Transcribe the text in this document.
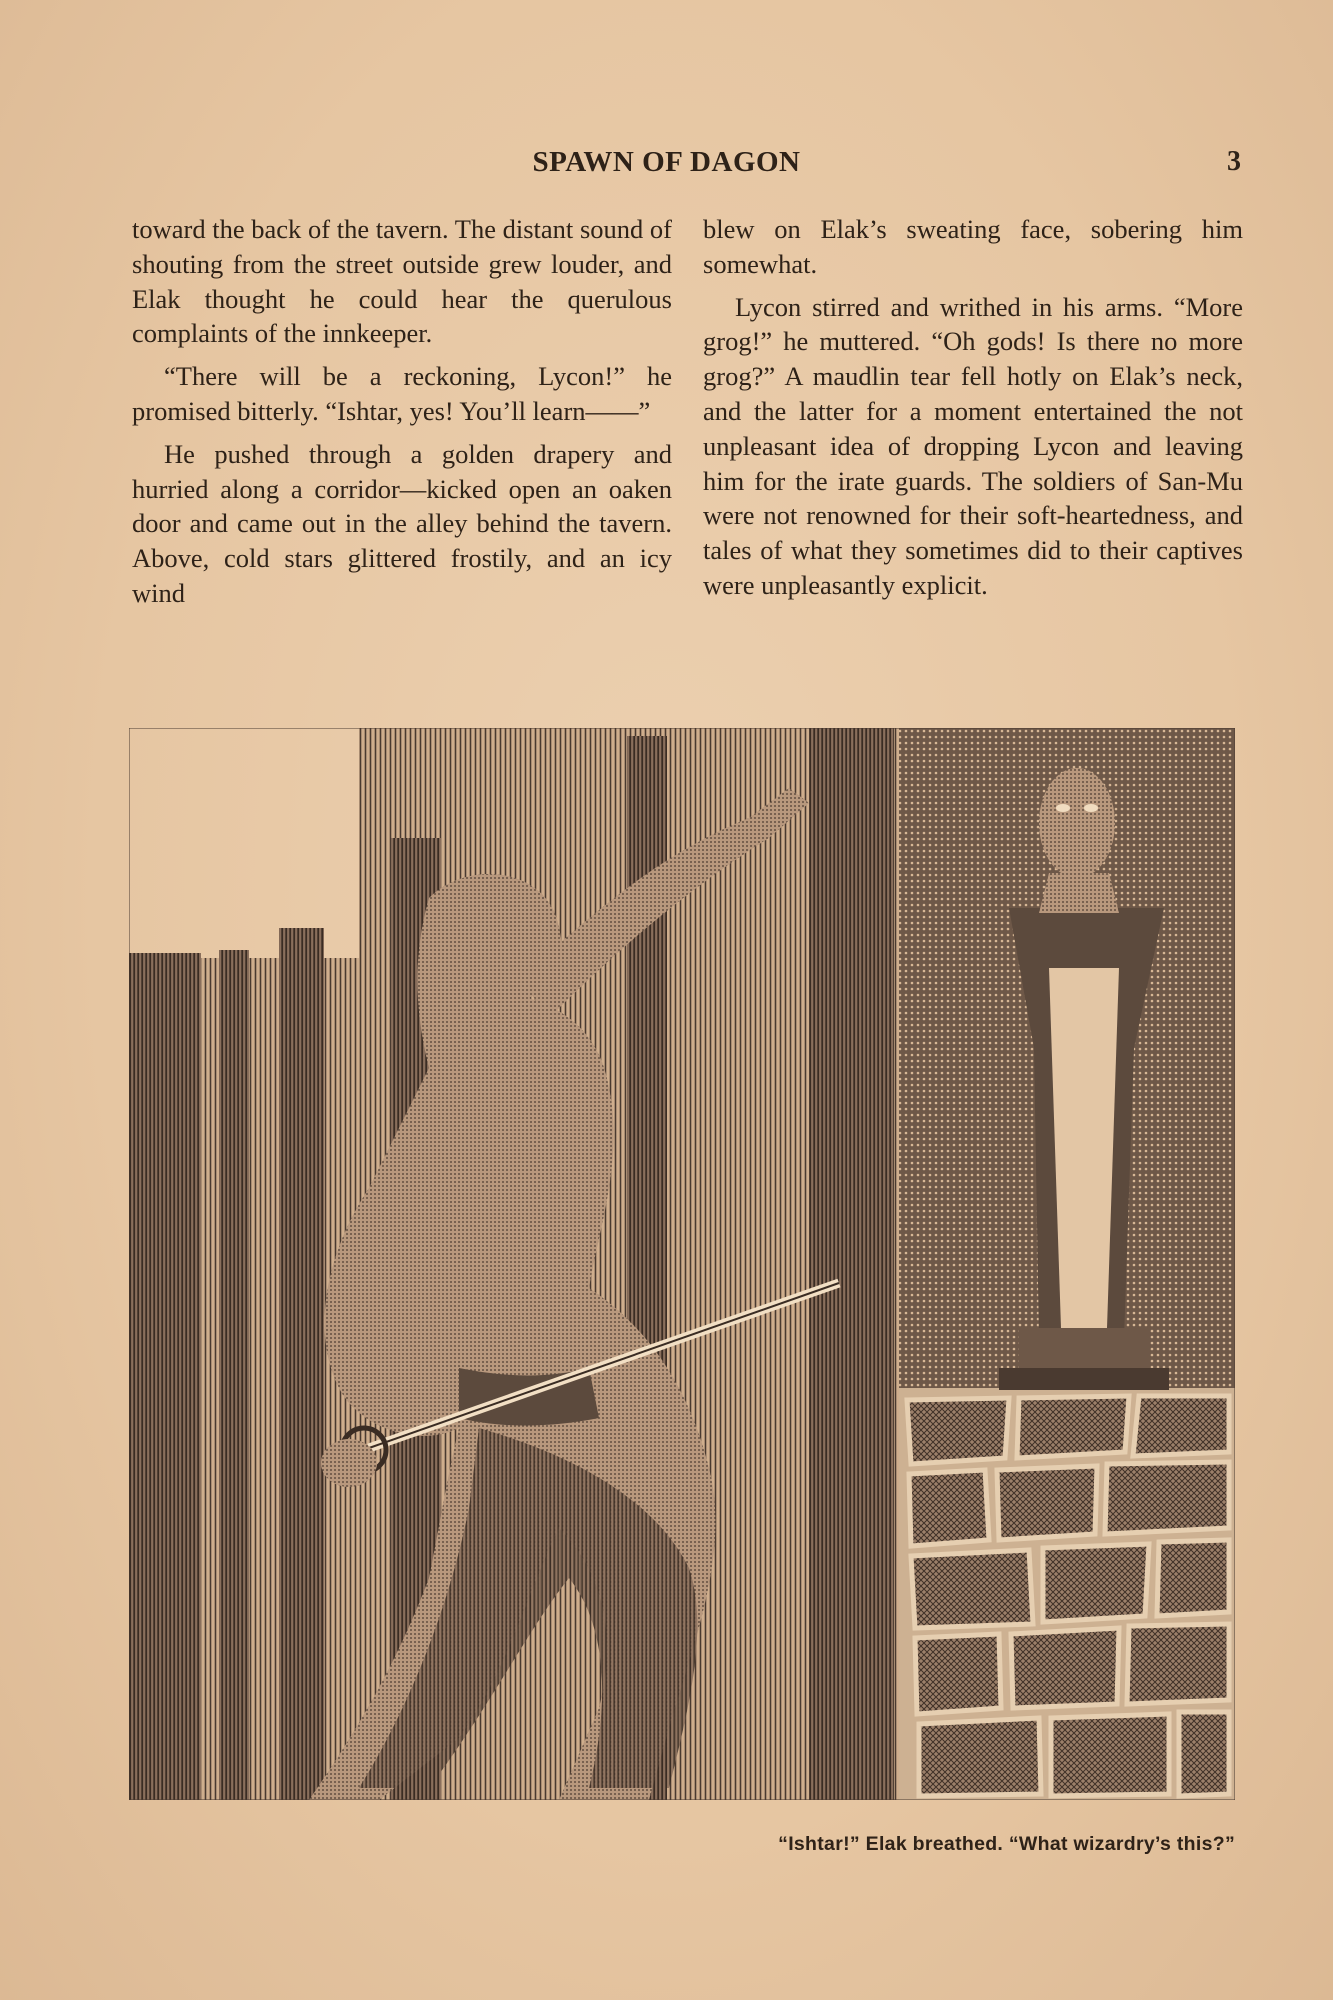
SPAWN OF DAGON	3

toward the back of the tavern. The distant sound of shouting from the street outside grew louder, and Elak thought he could hear the querulous complaints of the innkeeper.

“There will be a reckoning, Lycon!” he promised bitterly. “Ishtar, yes! You’ll learn——”

He pushed through a golden drapery and hurried along a corridor—kicked open an oaken door and came out in the alley behind the tavern. Above, cold stars glittered frostily, and an icy wind

blew on Elak’s sweating face, sobering him somewhat.

Lycon stirred and writhed in his arms. “More grog!” he muttered. “Oh gods! Is there no more grog?” A maudlin tear fell hotly on Elak’s neck, and the latter for a moment entertained the not unpleasant idea of dropping Lycon and leaving him for the irate guards. The soldiers of San-Mu were not renowned for their soft-heartedness, and tales of what they sometimes did to their captives were unpleasantly explicit.

“Ishtar!” Elak breathed. “What wizardry’s this?”
